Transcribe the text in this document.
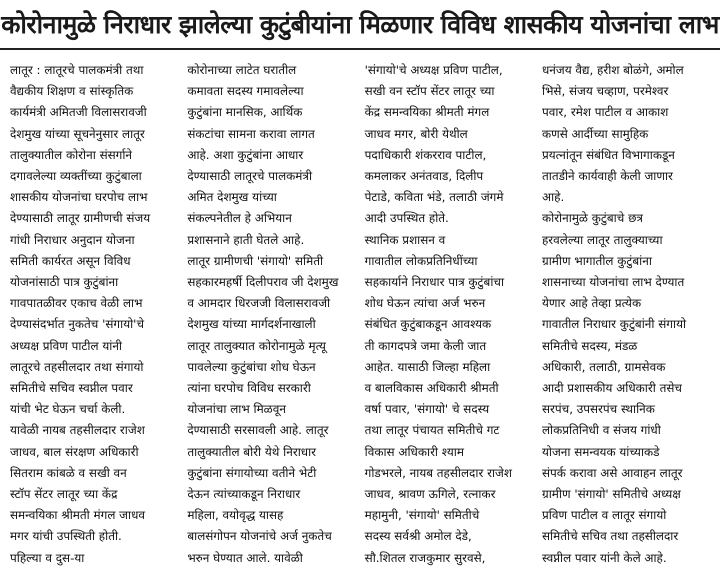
कोरोनामुळे निराधार झालेल्या कुटुंबीयांना मिळणार विविध शासकीय योजनांचा लाभ
लातूर : लातूरचे पालकमंत्री तथा
वैद्यकीय शिक्षण व सांस्कृतिक
कार्यमंत्री अमितजी विलासरावजी
देशमुख यांच्या सूचनेनुसार लातूर
तालुक्यातील कोरोना संसर्गाने
दगावलेल्या व्यक्तींच्या कुटुंबाला
शासकीय योजनांचा घरपोच लाभ
देण्यासाठी लातूर ग्रामीणची संजय
गांधी निराधार अनुदान योजना
समिती कार्यरत असून विविध
योजनांसाठी पात्र कुटुंबांना
गावपातळीवर एकाच वेळी लाभ
देण्यासंदर्भात नुकतेच 'संगायो'चे
अध्यक्ष प्रविण पाटील यांनी
लातूरचे तहसीलदार तथा संगायो
समितीचे सचिव स्वप्नील पवार
यांची भेट घेऊन चर्चा केली.
यावेळी नायब तहसीलदार राजेश
जाधव, बाल संरक्षण अधिकारी
सितराम कांबळे व सखी वन
स्टॉप सेंटर लातूर च्या केंद्र
समन्वयिका श्रीमती मंगल जाधव
मगर यांची उपस्थिती होती.
पहिल्या व दुस-या
कोरोनाच्या लाटेत घरातील
कमावता सदस्य गमावलेल्या
कुटुंबांना मानसिक, आर्थिक
संकटांचा सामना करावा लागत
आहे. अशा कुटुंबांना आधार
देण्यासाठी लातूरचे पालकमंत्री
अमित देशमुख यांच्या
संकल्पनेतील हे अभियान
प्रशासनाने हाती घेतले आहे.
लातूर ग्रामीणची 'संगायो' समिती
सहकारमहर्षी दिलीपराव जी देशमुख
व आमदार धिरजजी विलासरावजी
देशमुख यांच्या मार्गदर्शनाखाली
लातूर तालुक्यात कोरोनामुळे मृत्यू
पावलेल्या कुटुंबांचा शोध घेऊन
त्यांना घरपोच विविध सरकारी
योजनांचा लाभ मिळवून
देण्यासाठी सरसावली आहे. लातूर
तालुक्यातील बोरी येथे निराधार
कुटुंबांना संगायोच्या वतीने भेटी
देऊन त्यांच्याकडून निराधार
महिला, वयोवृद्ध यासह
बालसंगोपन योजनांचे अर्ज नुकतेच
भरुन घेण्यात आले. यावेळी
'संगायो'चे अध्यक्ष प्रविण पाटील,
सखी वन स्टॉप सेंटर लातूर च्या
केंद्र समन्वयिका श्रीमती मंगल
जाधव मगर, बोरी येथील
पदाधिकारी शंकरराव पाटील,
कमलाकर अनंतवाड, दिलीप
पेटाडे, कविता भंडे, तलाठी जंगमे
आदी उपस्थित होते.
स्थानिक प्रशासन व
गावातील लोकप्रतिनिधींच्या
सहकार्याने निराधार पात्र कुटुंबांचा
शोध घेऊन त्यांचा अर्ज भरुन
संबंधित कुटुंबाकडून आवश्यक
ती कागदपत्रे जमा केली जात
आहेत. यासाठी जिल्हा महिला
व बालविकास अधिकारी श्रीमती
वर्षा पवार, 'संगायो' चे सदस्य
तथा लातूर पंचायत समितीचे गट
विकास अधिकारी श्याम
गोडभरले, नायब तहसीलदार राजेश
जाधव, श्रावण ऊगिले, रत्नाकर
महामुनी, 'संगायो' समितीचे
सदस्य सर्वश्री अमोल देडे,
सौ.शितल राजकुमार सुरवसे,
धनंजय वैद्य, हरीश बोळंगे, अमोल
भिसे, संजय चव्हाण, परमेश्वर
पवार, रमेश पाटील व आकाश
कणसे आर्दीच्या सामुहिक
प्रयत्नांतून संबंधित विभागाकडून
तातडीने कार्यवाही केली जाणार
आहे.
कोरोनामुळे कुटुंबाचे छत्र
हरवलेल्या लातूर तालुक्याच्या
ग्रामीण भागातील कुटुंबांना
शासनाच्या योजनांचा लाभ देण्यात
येणार आहे तेव्हा प्रत्येक
गावातील निराधार कुटुंबांनी संगायो
समितीचे सदस्य, मंडळ
अधिकारी, तलाठी, ग्रामसेवक
आदी प्रशासकीय अधिकारी तसेच
सरपंच, उपसरपंच स्थानिक
लोकप्रतिनिधी व संजय गांधी
योजना समन्वयक यांच्याकडे
संपर्क करावा असे आवाहन लातूर
ग्रामीण 'संगायो' समितीचे अध्यक्ष
प्रविण पाटील व लातूर संगायो
समितीचे सचिव तथा तहसीलदार
स्वप्नील पवार यांनी केले आहे.
